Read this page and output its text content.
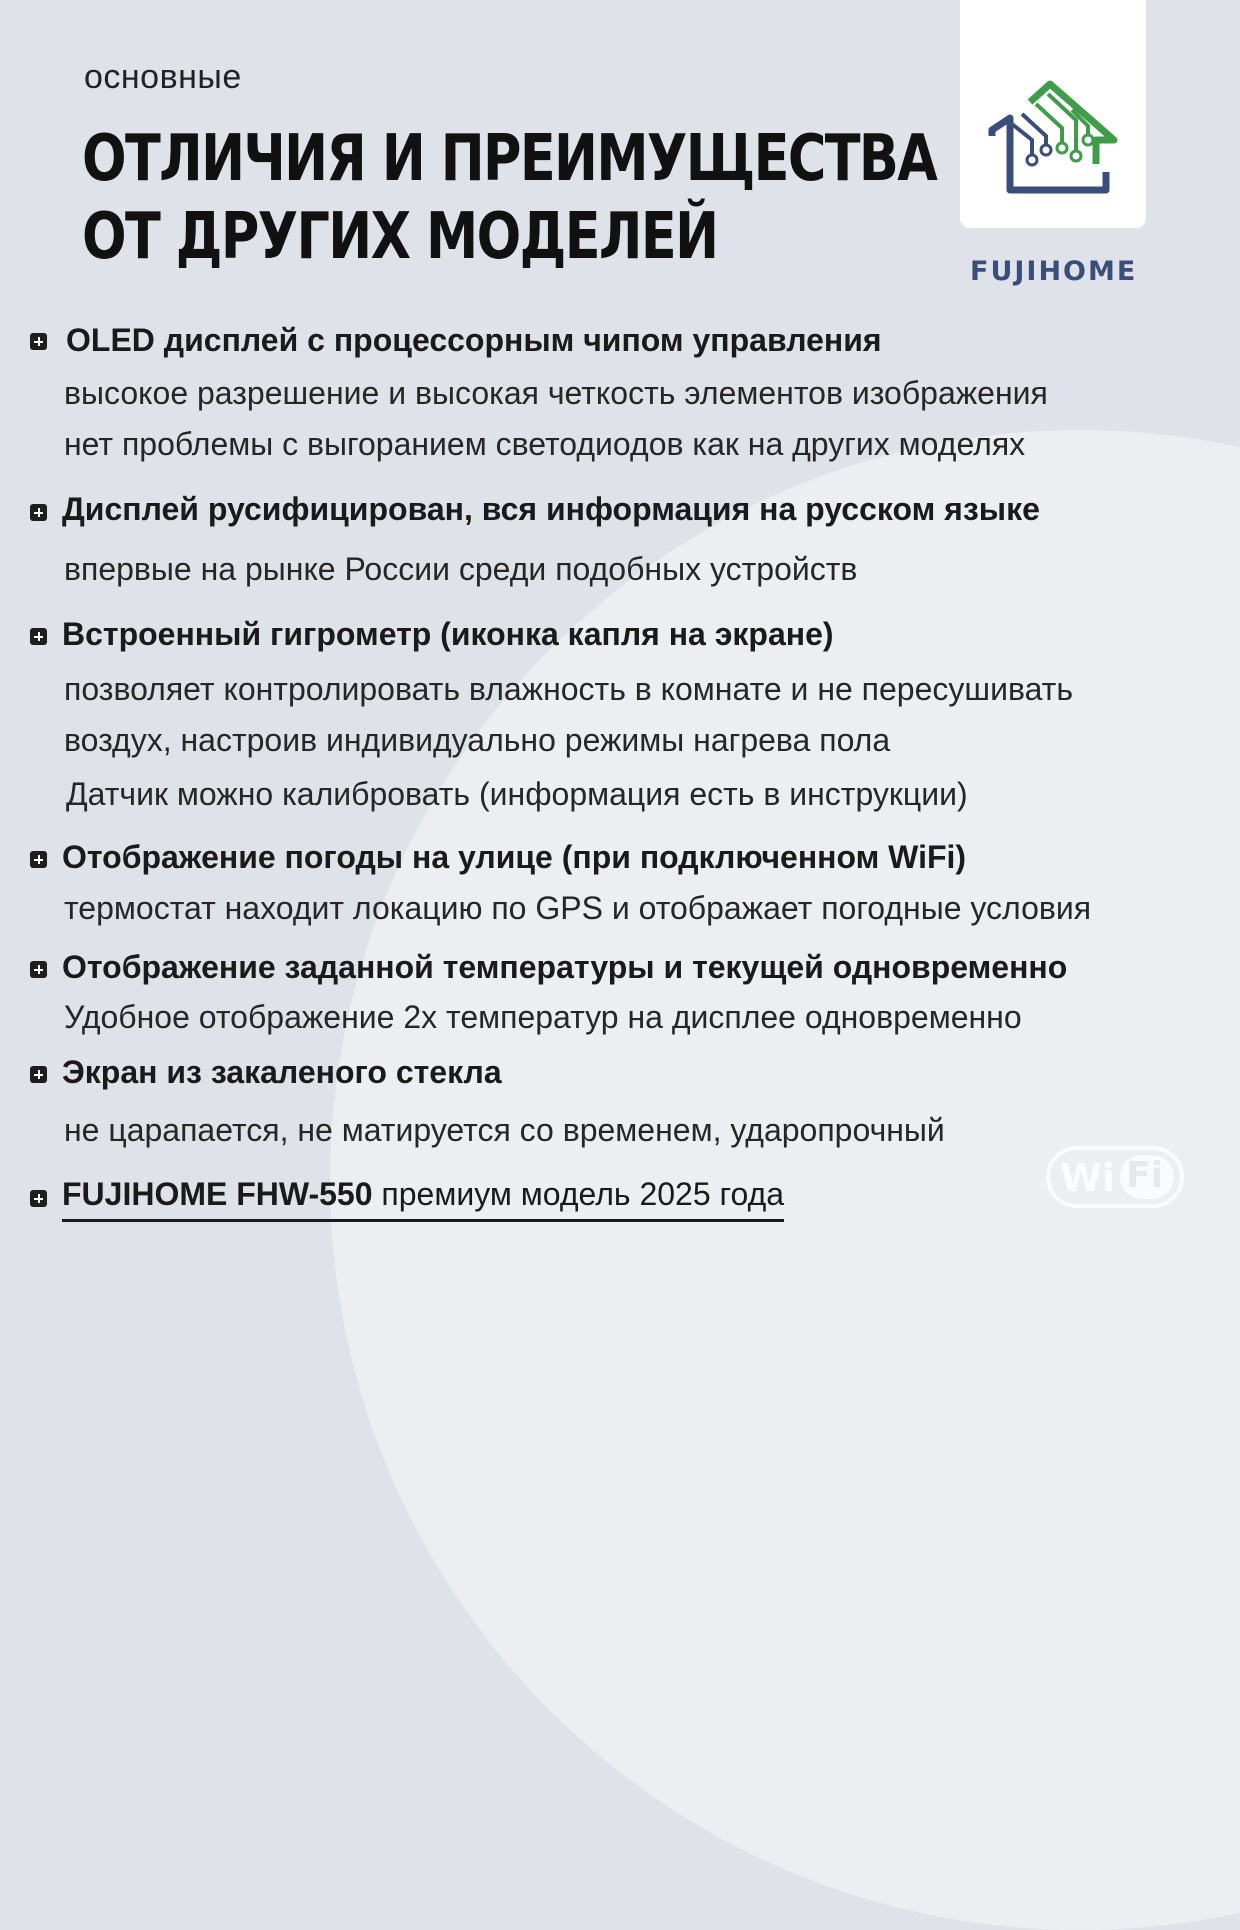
основные
ОТЛИЧИЯ И ПРЕИМУЩЕСТВА
ОТ ДРУГИХ МОДЕЛЕЙ	FUJIHOME
OLED дисплей с процессорным чипом управления
высокое разрешение и высокая четкость элементов изображения
нет проблемы с выгоранием светодиодов как на других моделях
Дисплей русифицирован, вся информация на русском языке
впервые на рынке России среди подобных устройств
Встроенный гигрометр (иконка капля на экране)
позволяет контролировать влажность в комнате и не пересушивать
воздух, настроив индивидуально режимы нагрева пола
Датчик можно калибровать (информация есть в инструкции)
Отображение погоды на улице (при подключенном WiFi)
термостат находит локацию по GPS и отображает погодные условия
Отображение заданной температуры и текущей одновременно
Удобное отображение 2х температур на дисплее одновременно
Экран из закаленого стекла
не царапается, не матируется со временем, ударопрочный
FUJIHOME FHW-550 премиум модель 2025 года	Wi Fi
